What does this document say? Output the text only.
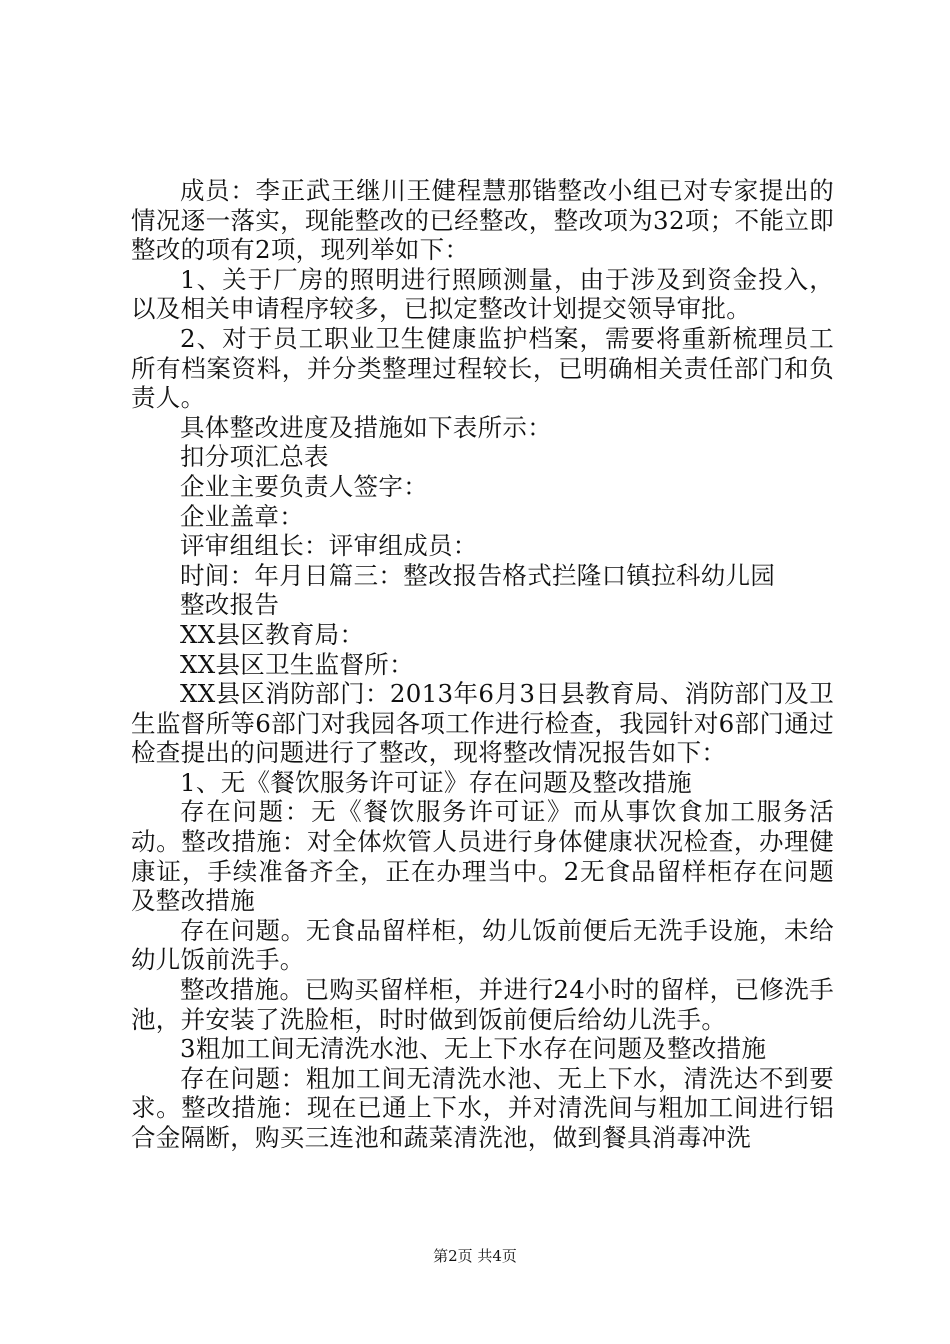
成员：李正武王继川王健程慧那锴整改小组已对专家提出的情况逐一落实，现能整改的已经整改，整改项为32项；不能立即整改的项有2项，现列举如下：

1、关于厂房的照明进行照顾测量，由于涉及到资金投入，以及相关申请程序较多，已拟定整改计划提交领导审批。

2、对于员工职业卫生健康监护档案，需要将重新梳理员工所有档案资料，并分类整理过程较长，已明确相关责任部门和负责人。

具体整改进度及措施如下表所示：

扣分项汇总表

企业主要负责人签字：

企业盖章：

评审组组长：评审组成员：

时间：年月日篇三：整改报告格式拦隆口镇拉科幼儿园

整改报告

XX县区教育局：

XX县区卫生监督所：

XX县区消防部门：2013年6月3日县教育局、消防部门及卫生监督所等6部门对我园各项工作进行检查，我园针对6部门通过检查提出的问题进行了整改，现将整改情况报告如下：

1、无《餐饮服务许可证》存在问题及整改措施

存在问题：无《餐饮服务许可证》而从事饮食加工服务活动。整改措施：对全体炊管人员进行身体健康状况检查，办理健康证，手续准备齐全，正在办理当中。2无食品留样柜存在问题及整改措施

存在问题。无食品留样柜，幼儿饭前便后无洗手设施，未给幼儿饭前洗手。

整改措施。已购买留样柜，并进行24小时的留样，已修洗手池，并安装了洗脸柜，时时做到饭前便后给幼儿洗手。

3粗加工间无清洗水池、无上下水存在问题及整改措施

存在问题：粗加工间无清洗水池、无上下水，清洗达不到要求。整改措施：现在已通上下水，并对清洗间与粗加工间进行铝合金隔断，购买三连池和蔬菜清洗池，做到餐具消毒冲洗

第2页 共4页
